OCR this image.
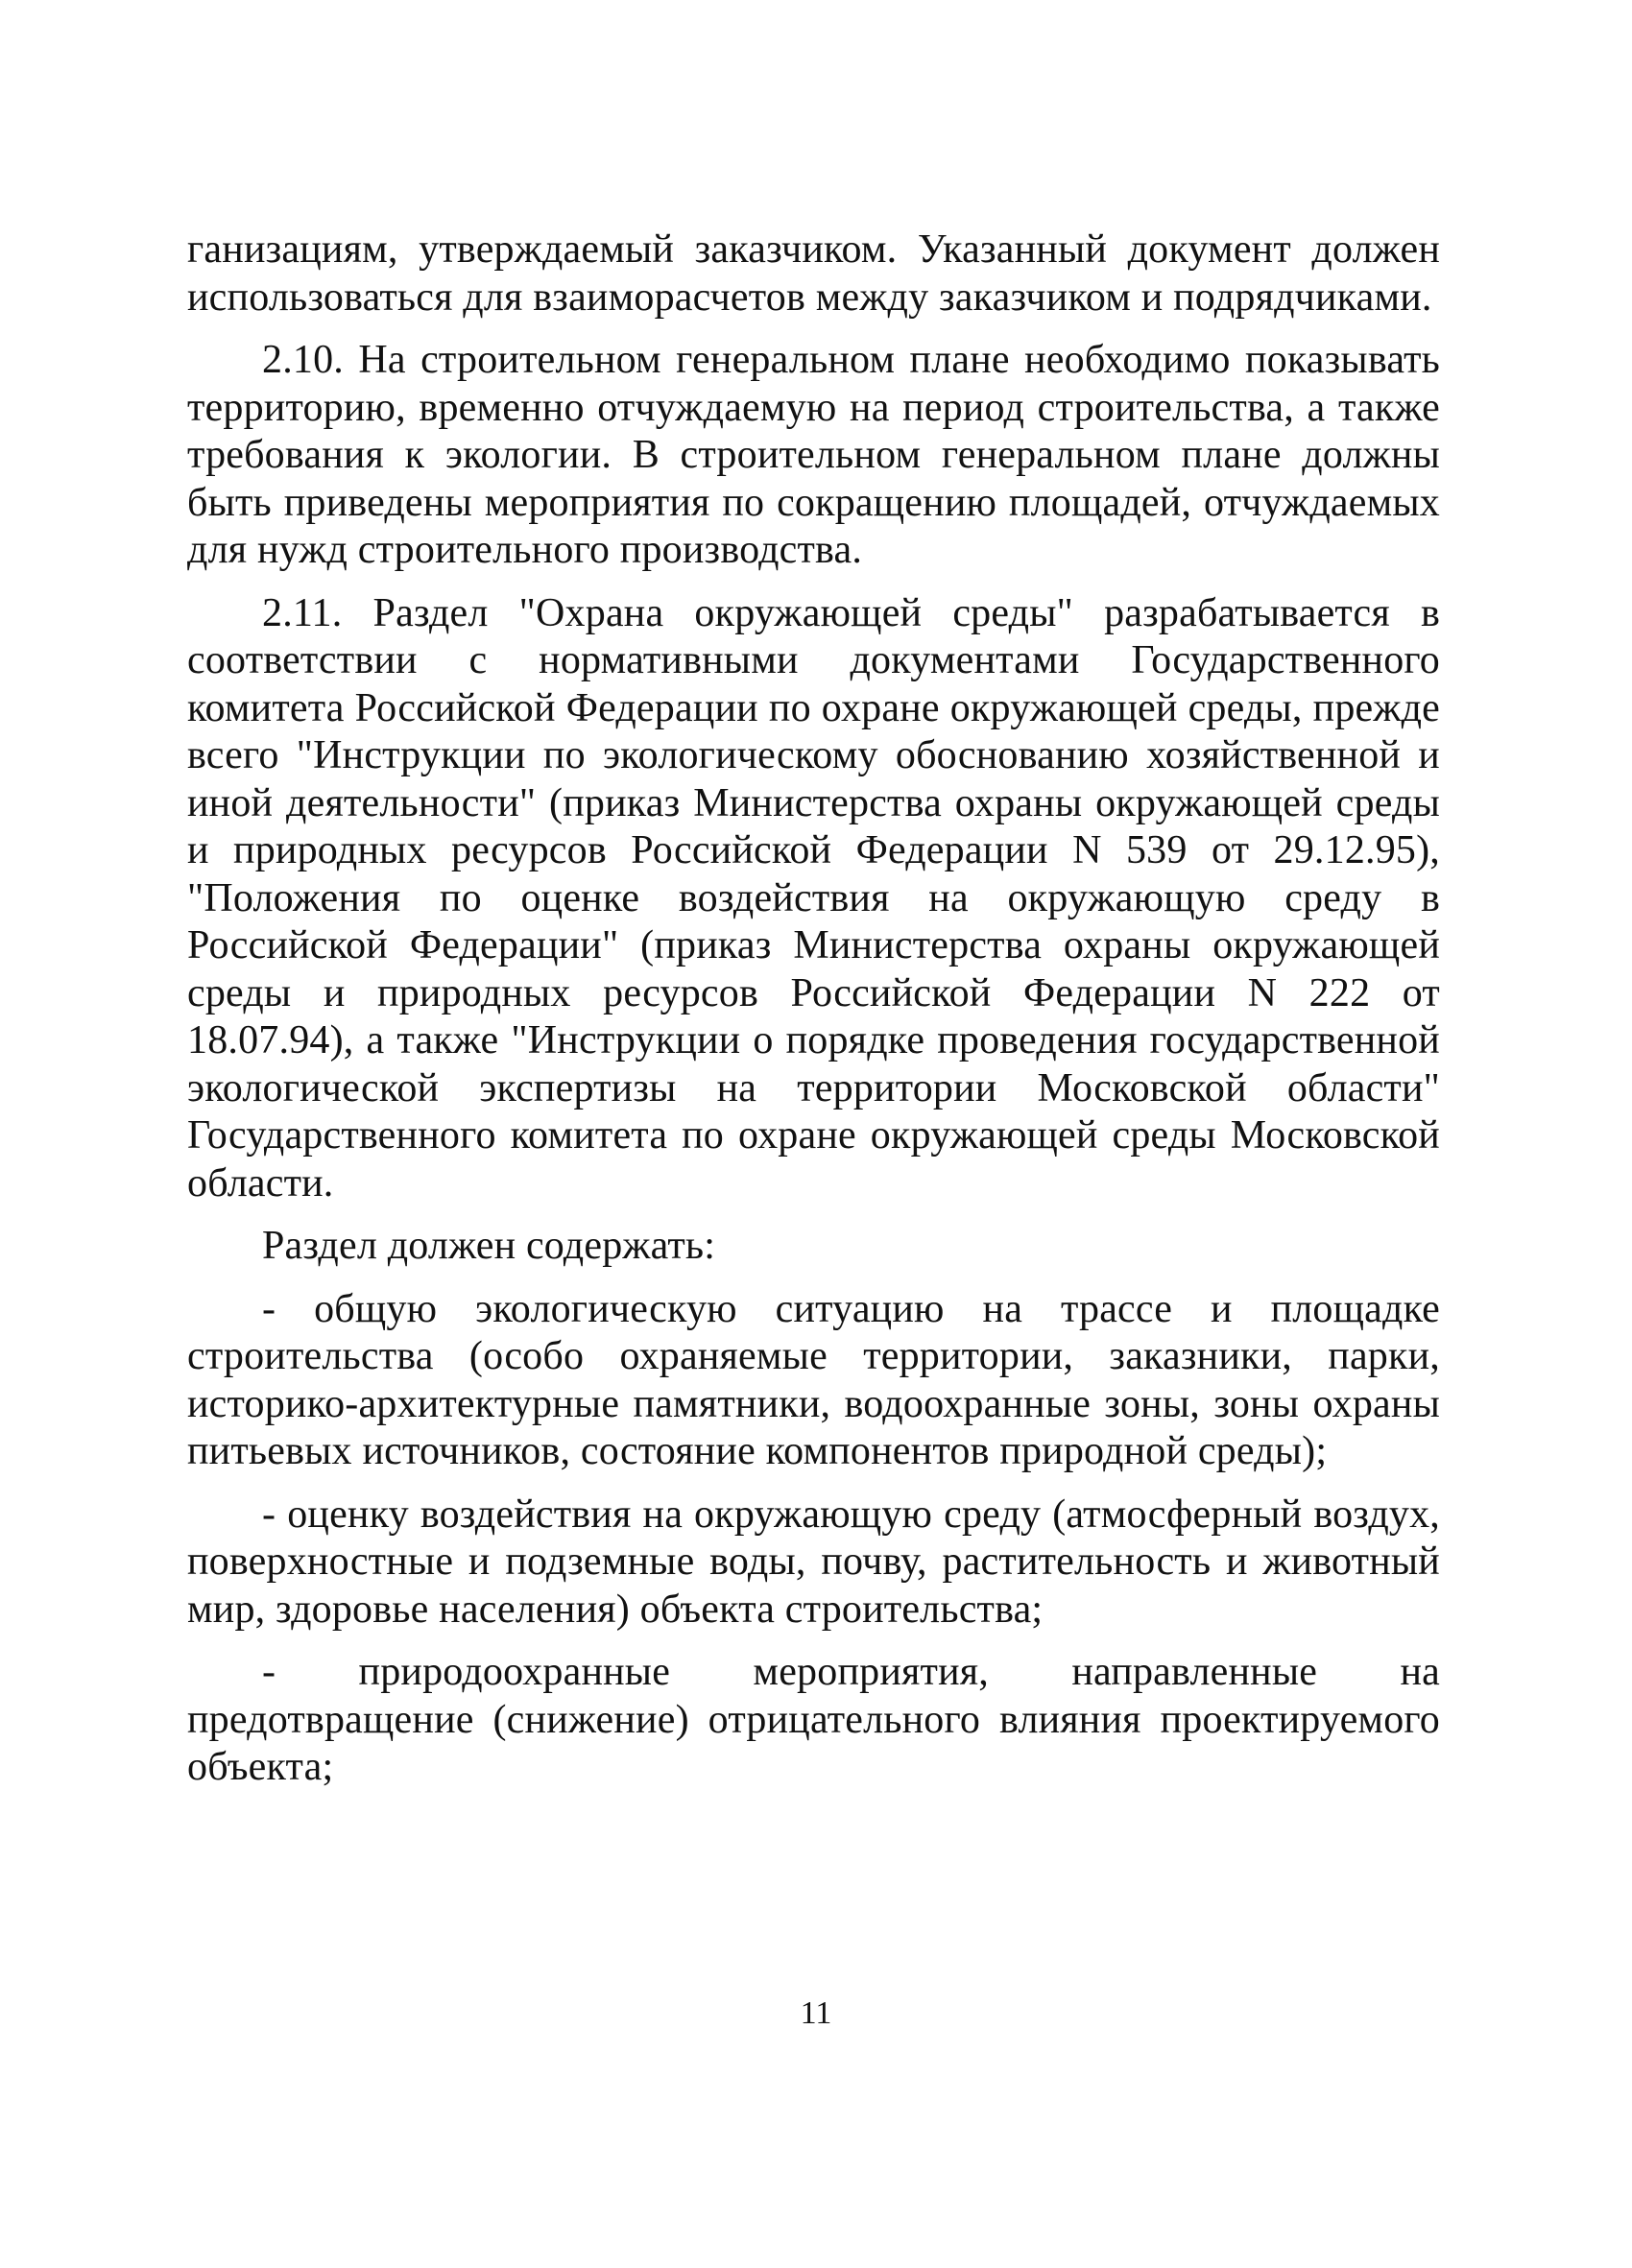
ганизациям, утверждаемый заказчиком. Указанный документ должен использоваться для взаиморасчетов между заказчиком и подрядчиками.

2.10. На строительном генеральном плане необходимо показывать территорию, временно отчуждаемую на период строительства, а также требования к экологии. В строительном генеральном плане должны быть приведены мероприятия по сокращению площадей, отчуждаемых для нужд строительного производства.

2.11. Раздел "Охрана окружающей среды" разрабатывается в соответствии с нормативными документами Государственного комитета Российской Федерации по охране окружающей среды, прежде всего "Инструкции по экологическому обоснованию хозяйственной и иной деятельности" (приказ Министерства охраны окружающей среды и природных ресурсов Российской Федерации N 539 от 29.12.95), "Положения по оценке воздействия на окружающую среду в Российской Федерации" (приказ Министерства охраны окружающей среды и природных ресурсов Российской Федерации N 222 от 18.07.94), а также "Инструкции о порядке проведения государственной экологической экспертизы на территории Московской области" Государственного комитета по охране окружающей среды Московской области.

Раздел должен содержать:

- общую экологическую ситуацию на трассе и площадке строительства (особо охраняемые территории, заказники, парки, историко-архитектурные памятники, водоохранные зоны, зоны охраны питьевых источников, состояние компонентов природной среды);

- оценку воздействия на окружающую среду (атмосферный воздух, поверхностные и подземные воды, почву, растительность и животный мир, здоровье населения) объекта строительства;

- природоохранные мероприятия, направленные на предотвращение (снижение) отрицательного влияния проектируемого объекта;

11
